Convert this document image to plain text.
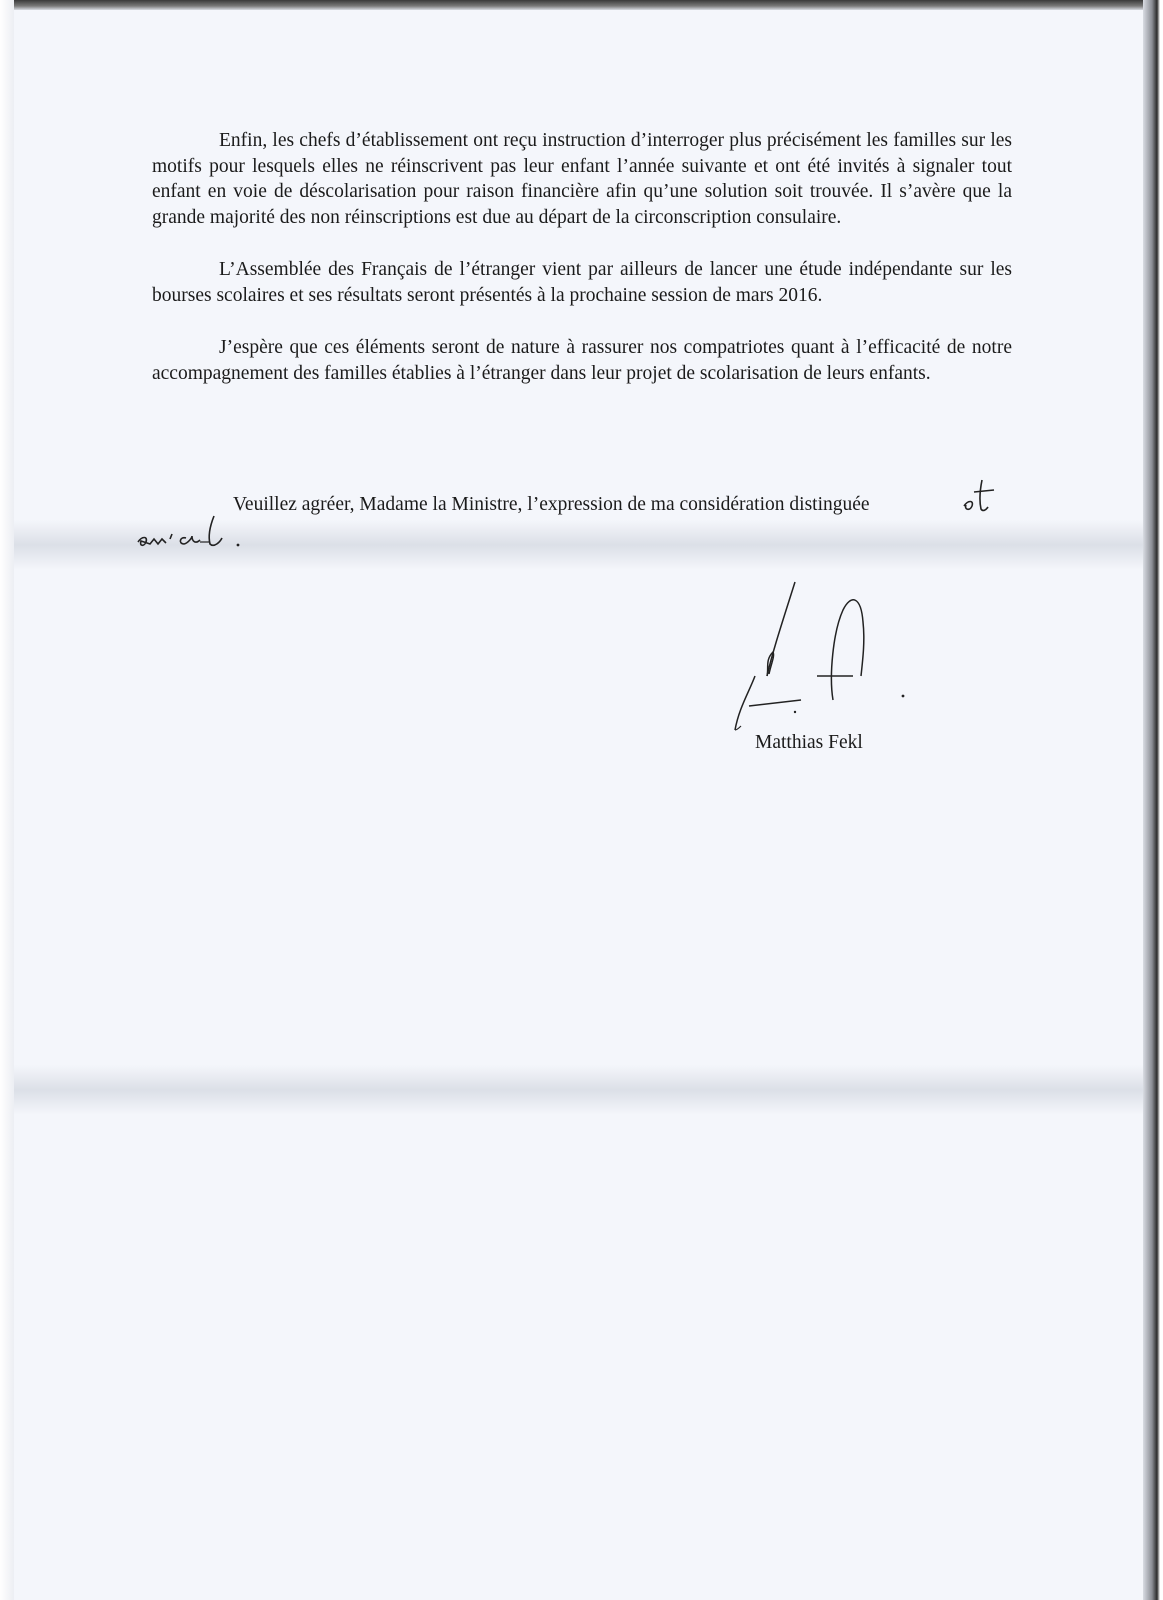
Enfin, les chefs d’établissement ont reçu instruction d’interroger plus précisément les familles sur les motifs pour lesquels elles ne réinscrivent pas leur enfant l’année suivante et ont été invités à signaler tout enfant en voie de déscolarisation pour raison financière afin qu’une solution soit trouvée. Il s’avère que la grande majorité des non réinscriptions est due au départ de la circonscription consulaire.

L’Assemblée des Français de l’étranger vient par ailleurs de lancer une étude indépendante sur les bourses scolaires et ses résultats seront présentés à la prochaine session de mars 2016.

J’espère que ces éléments seront de nature à rassurer nos compatriotes quant à l’efficacité de notre accompagnement des familles établies à l’étranger dans leur projet de scolarisation de leurs enfants.

Veuillez agréer, Madame la Ministre, l’expression de ma considération distinguée
Matthias Fekl
